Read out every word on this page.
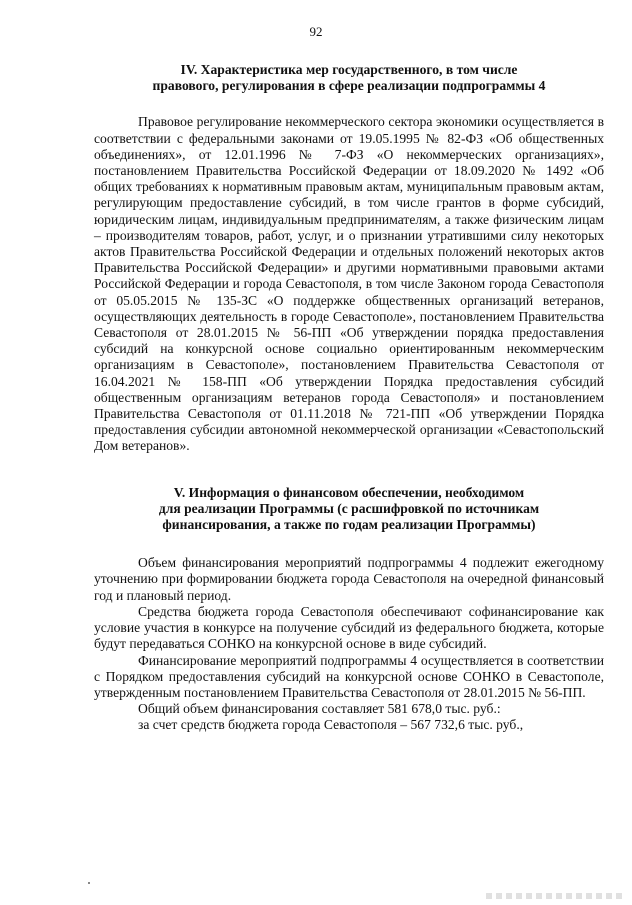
92
IV. Характеристика мер государственного, в том числе
правового, регулирования в сфере реализации подпрограммы 4

Правовое регулирование некоммерческого сектора экономики осуществляется в соответствии с федеральными законами от 19.05.1995 № 82-ФЗ «Об общественных объединениях», от 12.01.1996 № 7-ФЗ «О некоммерческих организациях», постановлением Правительства Российской Федерации от 18.09.2020 № 1492 «Об общих требованиях к нормативным правовым актам, муниципальным правовым актам, регулирующим предоставление субсидий, в том числе грантов в форме субсидий, юридическим лицам, индивидуальным предпринимателям, а также физическим лицам – производителям товаров, работ, услуг, и о признании утратившими силу некоторых актов Правительства Российской Федерации и отдельных положений некоторых актов Правительства Российской Федерации» и другими нормативными правовыми актами Российской Федерации и города Севастополя, в том числе Законом города Севастополя от 05.05.2015 № 135-ЗС «О поддержке общественных организаций ветеранов, осуществляющих деятельность в городе Севастополе», постановлением Правительства Севастополя от 28.01.2015 № 56-ПП «Об утверждении порядка предоставления субсидий на конкурсной основе социально ориентированным некоммерческим организациям в Севастополе», постановлением Правительства Севастополя от 16.04.2021 № 158-ПП «Об утверждении Порядка предоставления субсидий общественным организациям ветеранов города Севастополя» и постановлением Правительства Севастополя от 01.11.2018 № 721-ПП «Об утверждении Порядка предоставления субсидии автономной некоммерческой организации «Севастопольский Дом ветеранов».

V. Информация о финансовом обеспечении, необходимом
для реализации Программы (с расшифровкой по источникам
финансирования, а также по годам реализации Программы)

Объем финансирования мероприятий подпрограммы 4 подлежит ежегодному уточнению при формировании бюджета города Севастополя на очередной финансовый год и плановый период.

Средства бюджета города Севастополя обеспечивают софинансирование как условие участия в конкурсе на получение субсидий из федерального бюджета, которые будут передаваться СОНКО на конкурсной основе в виде субсидий.

Финансирование мероприятий подпрограммы 4 осуществляется в соответствии с Порядком предоставления субсидий на конкурсной основе СОНКО в Севастополе, утвержденным постановлением Правительства Севастополя от 28.01.2015 № 56-ПП.

Общий объем финансирования составляет 581 678,0 тыс. руб.:

за счет средств бюджета города Севастополя – 567 732,6 тыс. руб.,
